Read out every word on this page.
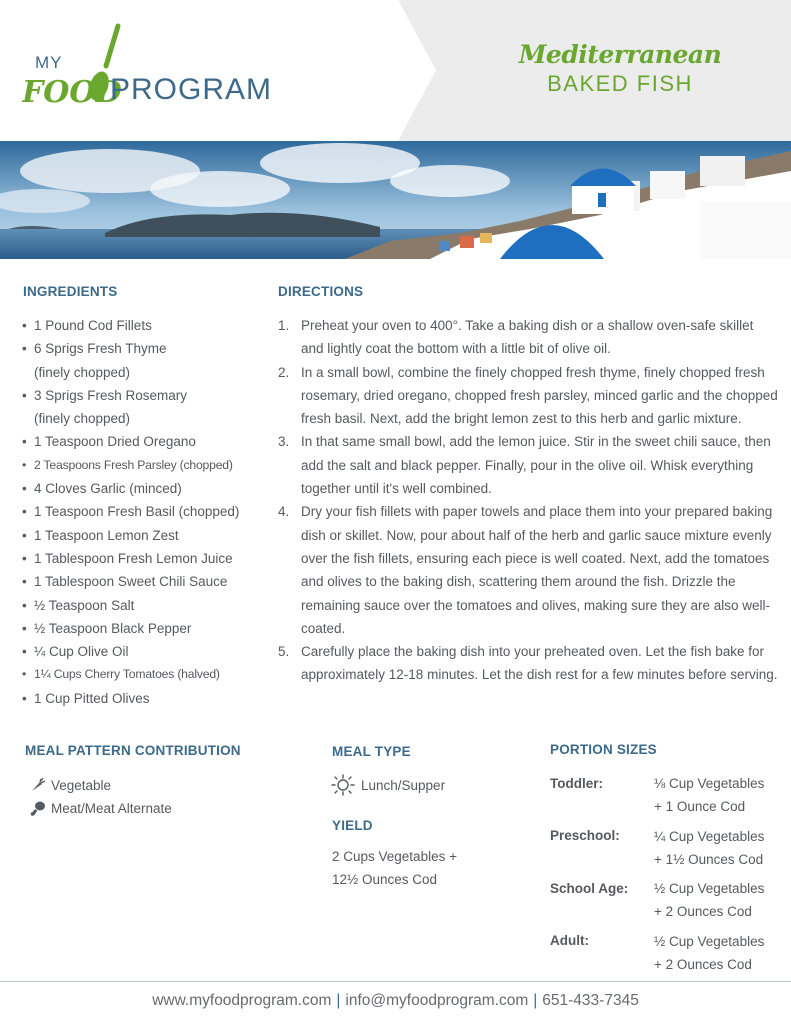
MY
FOOD
PROGRAM
Mediterranean
BAKED FISH
INGREDIENTS
• 1 Pound Cod Fillets
• 6 Sprigs Fresh Thyme
(finely chopped)
• 3 Sprigs Fresh Rosemary
(finely chopped)
• 1 Teaspoon Dried Oregano
• 2 Teaspoons Fresh Parsley (chopped)
• 4 Cloves Garlic (minced)
• 1 Teaspoon Fresh Basil (chopped)
• 1 Teaspoon Lemon Zest
• 1 Tablespoon Fresh Lemon Juice
• 1 Tablespoon Sweet Chili Sauce
• ½ Teaspoon Salt
• ½ Teaspoon Black Pepper
• ¼ Cup Olive Oil
• 1¼ Cups Cherry Tomatoes (halved)
• 1 Cup Pitted Olives
DIRECTIONS
1. Preheat your oven to 400°. Take a baking dish or a shallow oven-safe skillet and lightly coat the bottom with a little bit of olive oil.
2. In a small bowl, combine the finely chopped fresh thyme, finely chopped fresh rosemary, dried oregano, chopped fresh parsley, minced garlic and the chopped fresh basil. Next, add the bright lemon zest to this herb and garlic mixture.
3. In that same small bowl, add the lemon juice. Stir in the sweet chili sauce, then add the salt and black pepper. Finally, pour in the olive oil. Whisk everything together until it's well combined.
4. Dry your fish fillets with paper towels and place them into your prepared baking dish or skillet. Now, pour about half of the herb and garlic sauce mixture evenly over the fish fillets, ensuring each piece is well coated. Next, add the tomatoes and olives to the baking dish, scattering them around the fish. Drizzle the remaining sauce over the tomatoes and olives, making sure they are also well-coated.
5. Carefully place the baking dish into your preheated oven. Let the fish bake for approximately 12-18 minutes. Let the dish rest for a few minutes before serving.
MEAL PATTERN CONTRIBUTION
Vegetable
Meat/Meat Alternate
MEAL TYPE
Lunch/Supper
YIELD
2 Cups Vegetables +
12½ Ounces Cod
PORTION SIZES
Toddler:	⅛ Cup Vegetables
+ 1 Ounce Cod
Preschool:	¼ Cup Vegetables
+ 1½ Ounces Cod
School Age: ½ Cup Vegetables
+ 2 Ounces Cod
Adult:	½ Cup Vegetables
+ 2 Ounces Cod
www.myfoodprogram.com | info@myfoodprogram.com | 651-433-7345
